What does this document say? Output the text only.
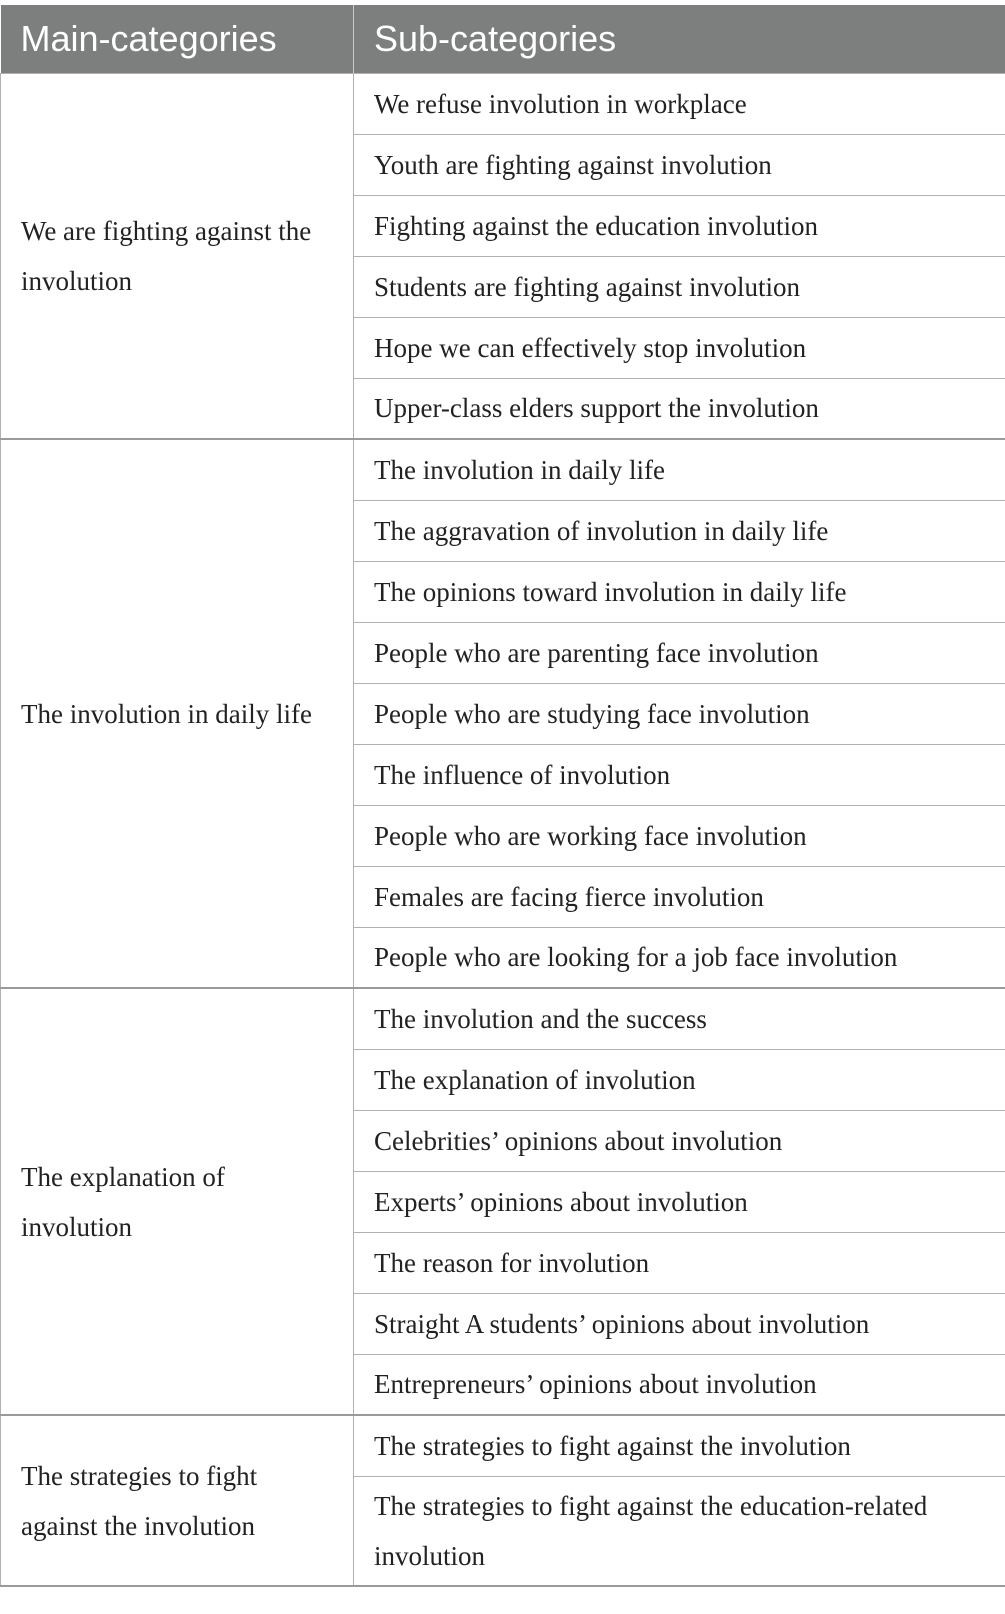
Main-categories	Sub-categories
We are fighting against the involution	We refuse involution in workplace
	Youth are fighting against involution
	Fighting against the education involution
	Students are fighting against involution
	Hope we can effectively stop involution
	Upper-class elders support the involution
The involution in daily life	The involution in daily life
	The aggravation of involution in daily life
	The opinions toward involution in daily life
	People who are parenting face involution
	People who are studying face involution
	The influence of involution
	People who are working face involution
	Females are facing fierce involution
	People who are looking for a job face involution
The explanation of involution	The involution and the success
	The explanation of involution
	Celebrities’ opinions about involution
	Experts’ opinions about involution
	The reason for involution
	Straight A students’ opinions about involution
	Entrepreneurs’ opinions about involution
The strategies to fight against the involution	The strategies to fight against the involution
	The strategies to fight against the education-related involution
